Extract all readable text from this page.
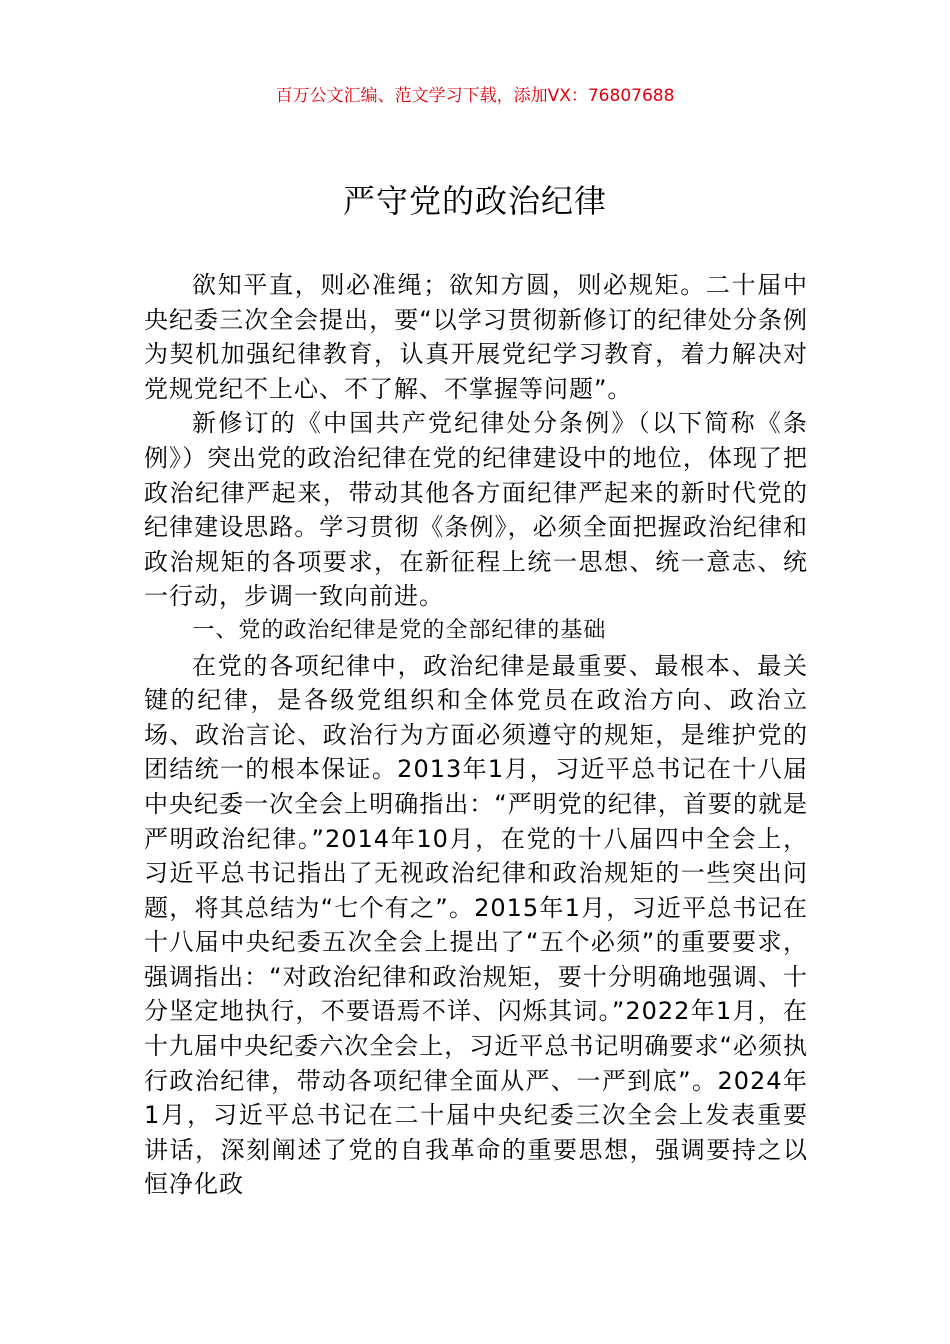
百万公文汇编、范文学习下载，添加VX：76807688
严守党的政治纪律

欲知平直，则必准绳；欲知方圆，则必规矩。二十届中央纪委三次全会提出，要“以学习贯彻新修订的纪律处分条例为契机加强纪律教育，认真开展党纪学习教育，着力解决对党规党纪不上心、不了解、不掌握等问题”。

新修订的《中国共产党纪律处分条例》（以下简称《条例》）突出党的政治纪律在党的纪律建设中的地位，体现了把政治纪律严起来，带动其他各方面纪律严起来的新时代党的纪律建设思路。学习贯彻《条例》，必须全面把握政治纪律和政治规矩的各项要求，在新征程上统一思想、统一意志、统一行动，步调一致向前进。

一、党的政治纪律是党的全部纪律的基础

在党的各项纪律中，政治纪律是最重要、最根本、最关键的纪律，是各级党组织和全体党员在政治方向、政治立场、政治言论、政治行为方面必须遵守的规矩，是维护党的团结统一的根本保证。2013年1月，习近平总书记在十八届中央纪委一次全会上明确指出：“严明党的纪律，首要的就是严明政治纪律。”2014年10月，在党的十八届四中全会上，习近平总书记指出了无视政治纪律和政治规矩的一些突出问题，将其总结为“七个有之”。2015年1月，习近平总书记在十八届中央纪委五次全会上提出了“五个必须”的重要要求，强调指出：“对政治纪律和政治规矩，要十分明确地强调、十分坚定地执行，不要语焉不详、闪烁其词。”2022年1月，在十九届中央纪委六次全会上，习近平总书记明确要求“必须执行政治纪律，带动各项纪律全面从严、一严到底”。2024年1月，习近平总书记在二十届中央纪委三次全会上发表重要讲话，深刻阐述了党的自我革命的重要思想，强调要持之以恒净化政
